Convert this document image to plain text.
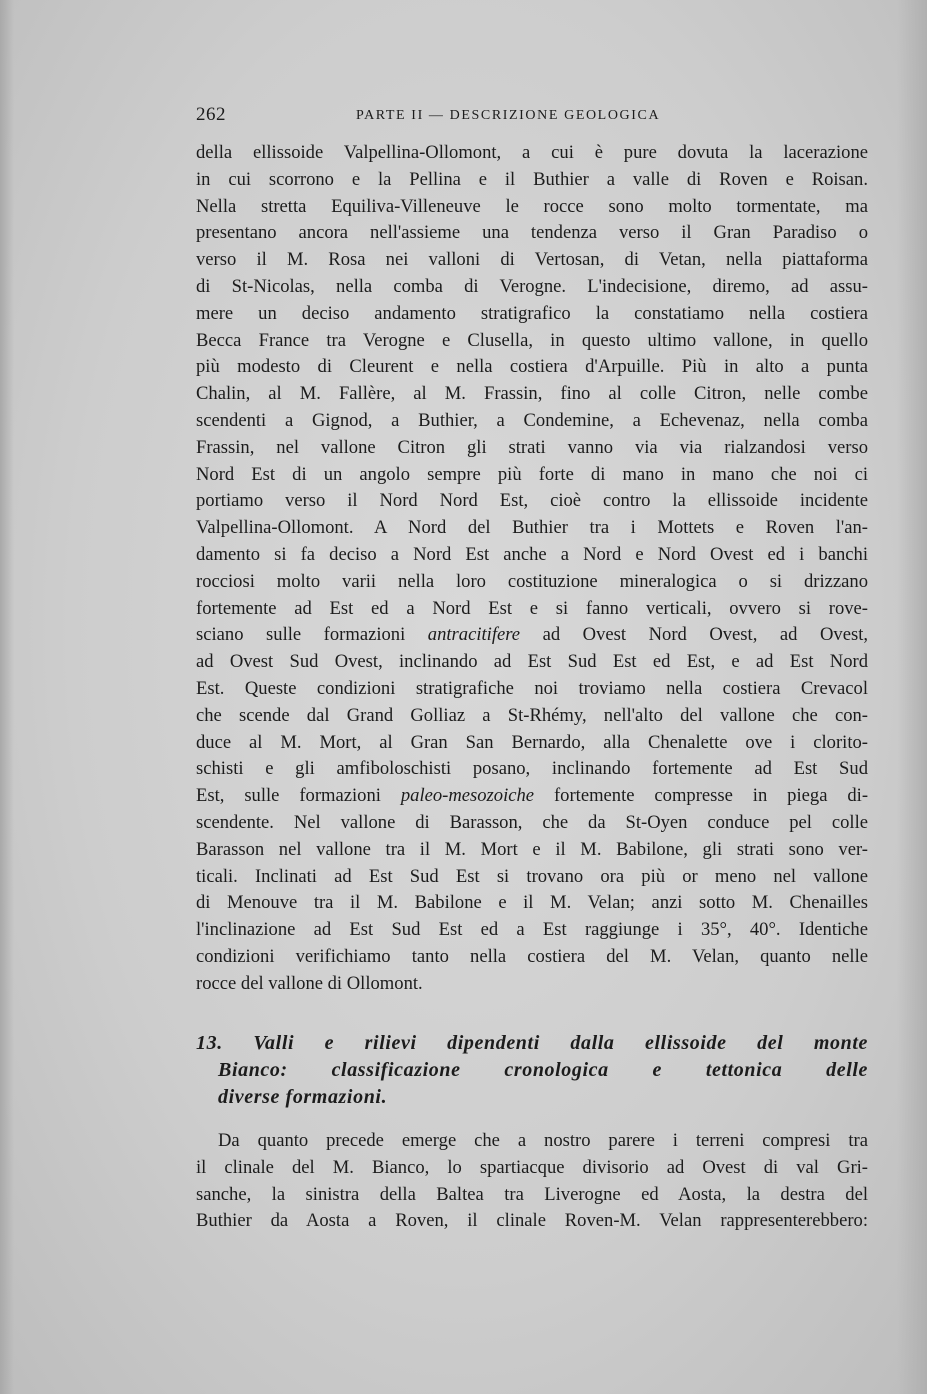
262	PARTE II — DESCRIZIONE GEOLOGICA
della ellissoide Valpellina-Ollomont, a cui è pure dovuta la lacerazione
in cui scorrono e la Pellina e il Buthier a valle di Roven e Roisan.
Nella stretta Equiliva-Villeneuve le rocce sono molto tormentate, ma
presentano ancora nell'assieme una tendenza verso il Gran Paradiso o
verso il M. Rosa nei valloni di Vertosan, di Vetan, nella piattaforma
di St-Nicolas, nella comba di Verogne. L'indecisione, diremo, ad assu-
mere un deciso andamento stratigrafico la constatiamo nella costiera
Becca France tra Verogne e Clusella, in questo ultimo vallone, in quello
più modesto di Cleurent e nella costiera d'Arpuille. Più in alto a punta
Chalin, al M. Fallère, al M. Frassin, fino al colle Citron, nelle combe
scendenti a Gignod, a Buthier, a Condemine, a Echevenaz, nella comba
Frassin, nel vallone Citron gli strati vanno via via rialzandosi verso
Nord Est di un angolo sempre più forte di mano in mano che noi ci
portiamo verso il Nord Nord Est, cioè contro la ellissoide incidente
Valpellina-Ollomont. A Nord del Buthier tra i Mottets e Roven l'an-
damento si fa deciso a Nord Est anche a Nord e Nord Ovest ed i banchi
rocciosi molto varii nella loro costituzione mineralogica o si drizzano
fortemente ad Est ed a Nord Est e si fanno verticali, ovvero si rove-
sciano sulle formazioni antracitifere ad Ovest Nord Ovest, ad Ovest,
ad Ovest Sud Ovest, inclinando ad Est Sud Est ed Est, e ad Est Nord
Est. Queste condizioni stratigrafiche noi troviamo nella costiera Crevacol
che scende dal Grand Golliaz a St-Rhémy, nell'alto del vallone che con-
duce al M. Mort, al Gran San Bernardo, alla Chenalette ove i clorito-
schisti e gli amfiboloschisti posano, inclinando fortemente ad Est Sud
Est, sulle formazioni paleo-mesozoiche fortemente compresse in piega di-
scendente. Nel vallone di Barasson, che da St-Oyen conduce pel colle
Barasson nel vallone tra il M. Mort e il M. Babilone, gli strati sono ver-
ticali. Inclinati ad Est Sud Est si trovano ora più or meno nel vallone
di Menouve tra il M. Babilone e il M. Velan; anzi sotto M. Chenailles
l'inclinazione ad Est Sud Est ed a Est raggiunge i 35°, 40°. Identiche
condizioni verifichiamo tanto nella costiera del M. Velan, quanto nelle
rocce del vallone di Ollomont.
13. Valli e rilievi dipendenti dalla ellissoide del monte
Bianco: classificazione cronologica e tettonica delle
diverse formazioni.
Da quanto precede emerge che a nostro parere i terreni compresi tra
il clinale del M. Bianco, lo spartiacque divisorio ad Ovest di val Gri-
sanche, la sinistra della Baltea tra Liverogne ed Aosta, la destra del
Buthier da Aosta a Roven, il clinale Roven-M. Velan rappresenterebbero:
